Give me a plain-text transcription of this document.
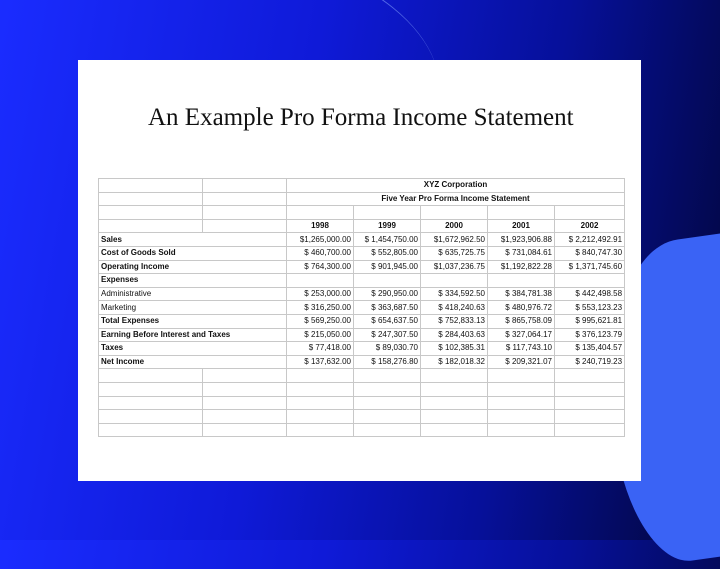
An Example Pro Forma Income Statement
		XYZ Corporation				
		Five Year Pro Forma Income Statement				

		1998	1999	2000	2001	2002
Sales		$1,265,000.00	$ 1,454,750.00	$1,672,962.50	$1,923,906.88	$ 2,212,492.91
Cost of Goods Sold		$ 460,700.00	$ 552,805.00	$ 635,725.75	$ 731,084.61	$ 840,747.30
Operating Income		$ 764,300.00	$ 901,945.00	$1,037,236.75	$1,192,822.28	$ 1,371,745.60
Expenses						
Administrative		$ 253,000.00	$ 290,950.00	$ 334,592.50	$ 384,781.38	$ 442,498.58
Marketing		$ 316,250.00	$ 363,687.50	$ 418,240.63	$ 480,976.72	$ 553,123.23
Total Expenses		$ 569,250.00	$ 654,637.50	$ 752,833.13	$ 865,758.09	$ 995,621.81
Earning Before Interest and Taxes		$ 215,050.00	$ 247,307.50	$ 284,403.63	$ 327,064.17	$ 376,123.79
Taxes		$ 77,418.00	$ 89,030.70	$ 102,385.31	$ 117,743.10	$ 135,404.57
Net Income		$ 137,632.00	$ 158,276.80	$ 182,018.32	$ 209,321.07	$ 240,719.23
